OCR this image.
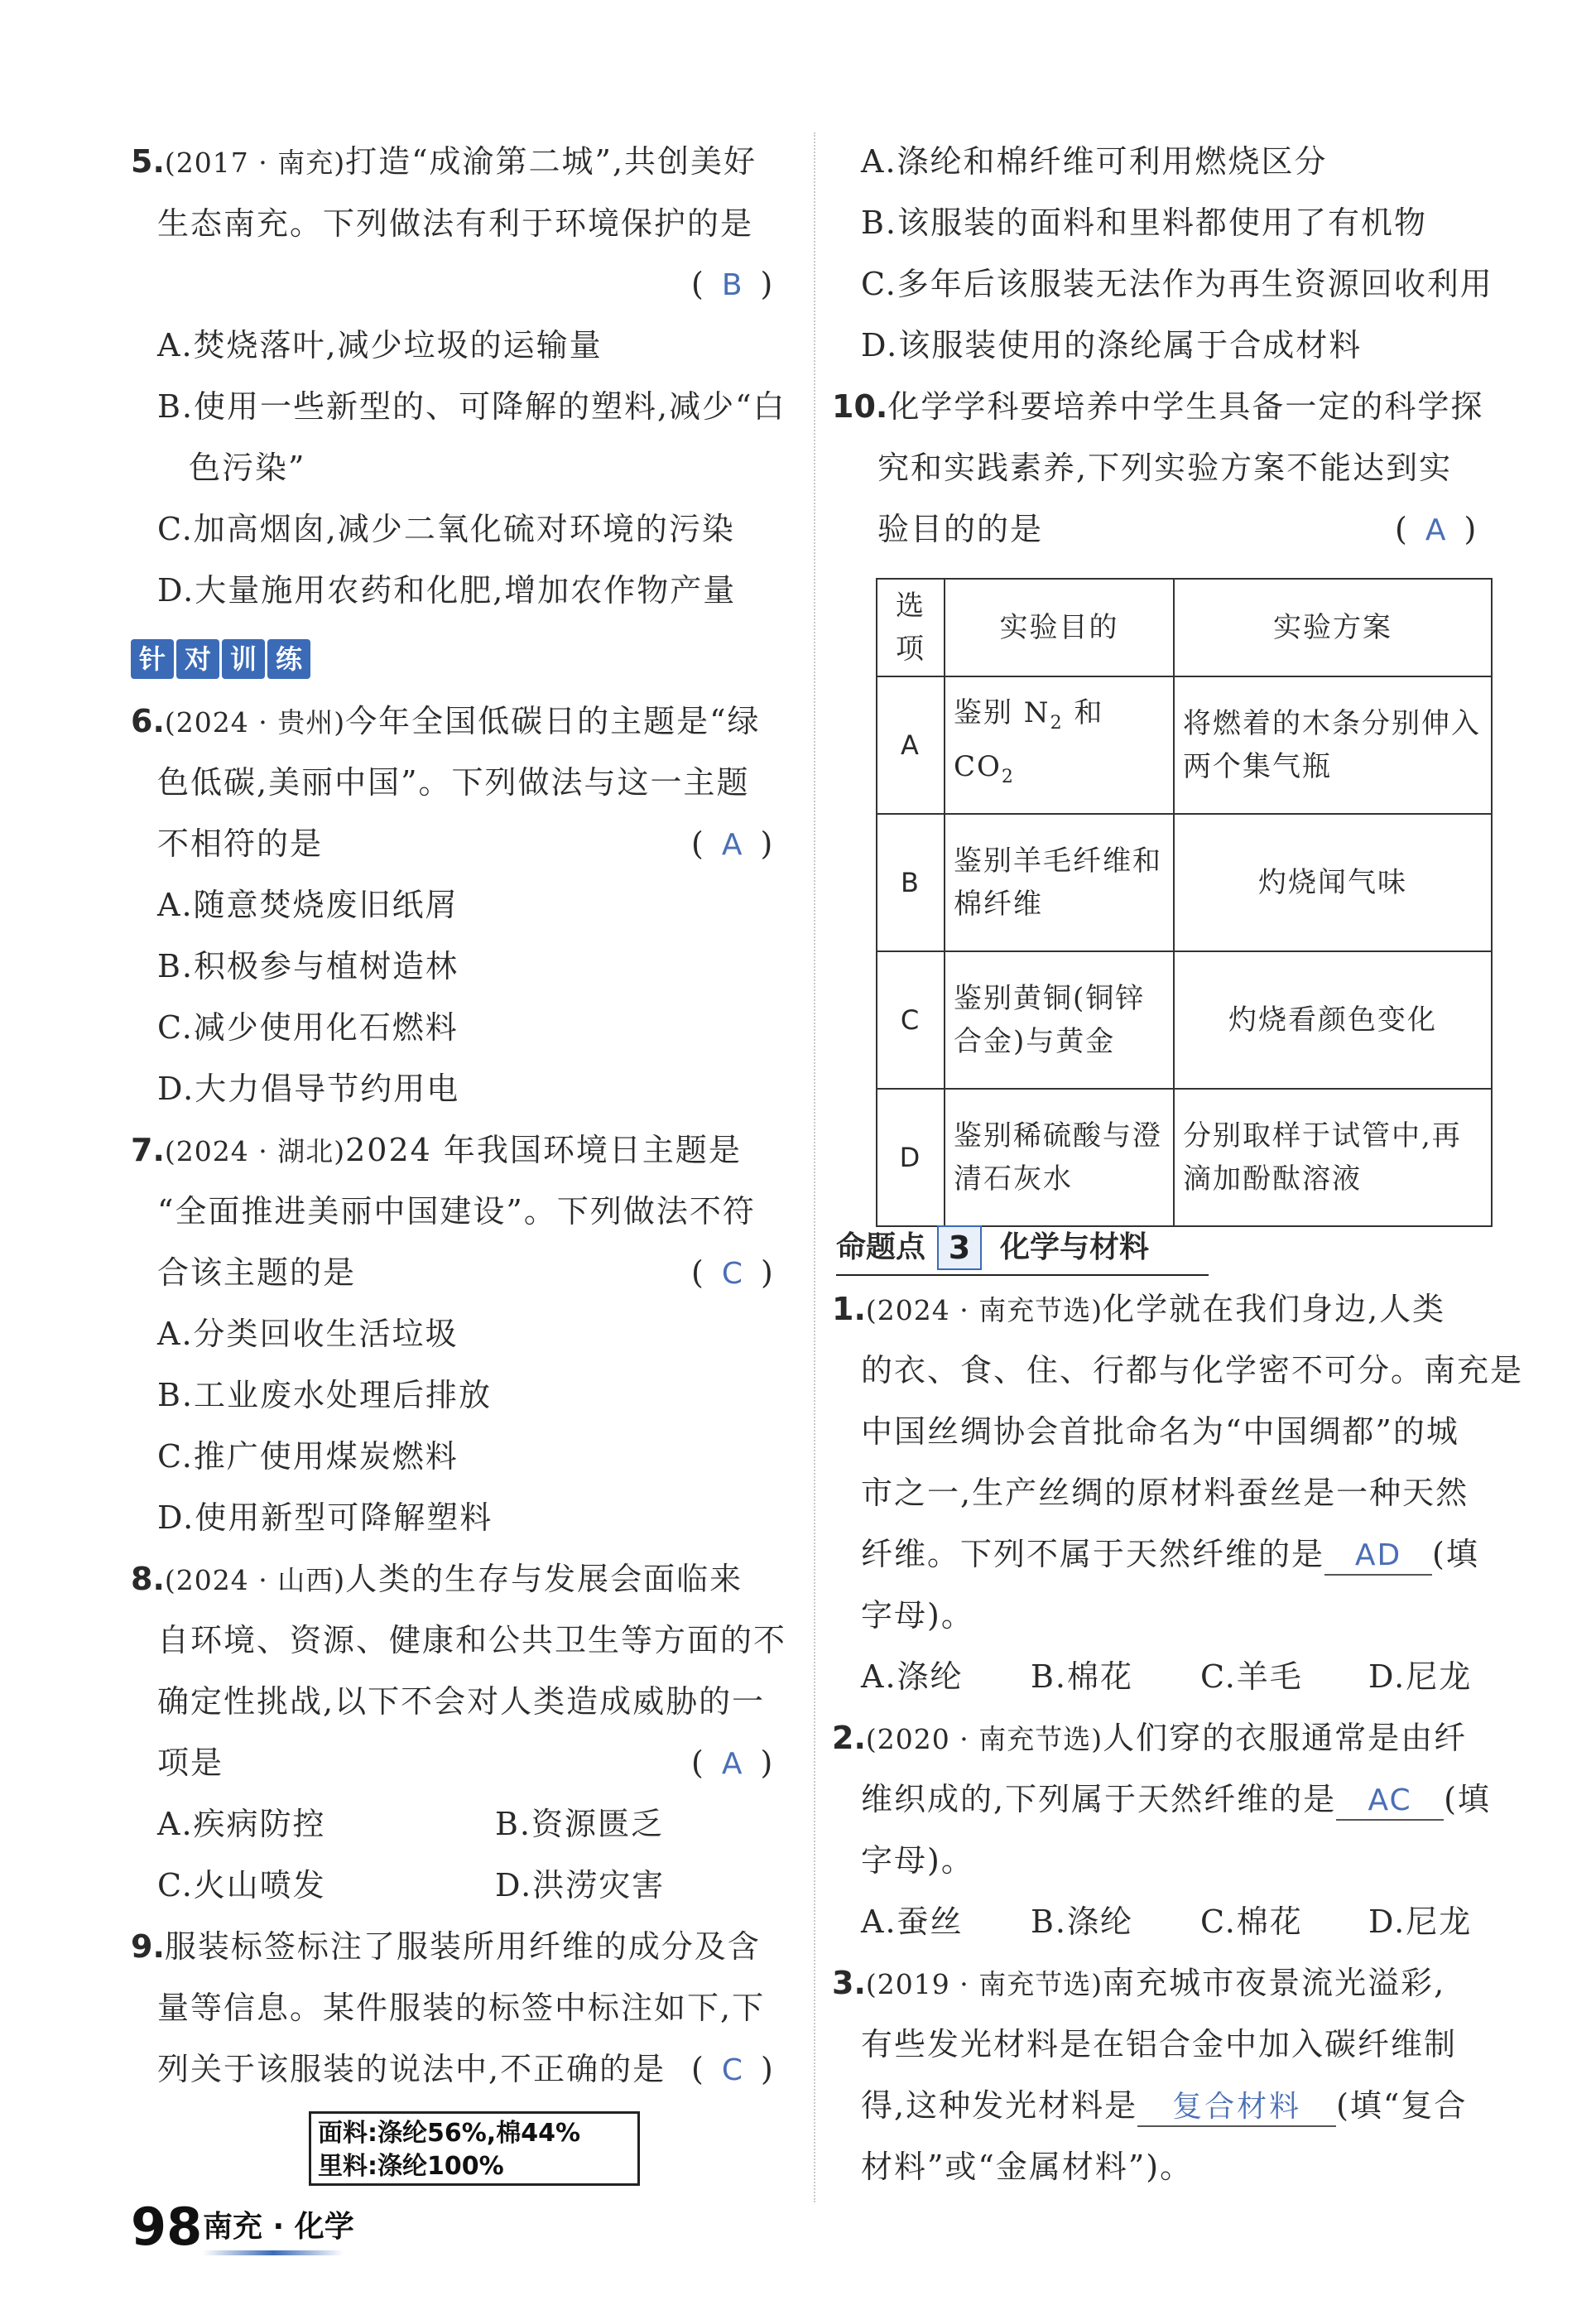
5.(2017 · 南充)打造“成渝第二城”,共创美好
生态南充。下列做法有利于环境保护的是
( B )
A.焚烧落叶,减少垃圾的运输量
B.使用一些新型的、可降解的塑料,减少“白
色污染”
C.加高烟囱,减少二氧化硫对环境的污染
D.大量施用农药和化肥,增加农作物产量
针 对 训 练
6.(2024 · 贵州)今年全国低碳日的主题是“绿
色低碳,美丽中国”。下列做法与这一主题
不相符的是	( A )
A.随意焚烧废旧纸屑
B.积极参与植树造林
C.减少使用化石燃料
D.大力倡导节约用电
7.(2024 · 湖北)2024 年我国环境日主题是
“全面推进美丽中国建设”。下列做法不符
合该主题的是	( C )
A.分类回收生活垃圾
B.工业废水处理后排放
C.推广使用煤炭燃料
D.使用新型可降解塑料
8.(2024 · 山西)人类的生存与发展会面临来
自环境、资源、健康和公共卫生等方面的不
确定性挑战,以下不会对人类造成威胁的一
项是	( A )
A.疾病防控	B.资源匮乏
C.火山喷发	D.洪涝灾害
9.服装标签标注了服装所用纤维的成分及含
量等信息。某件服装的标签中标注如下,下
列关于该服装的说法中,不正确的是 ( C )
面料:涤纶56%,棉44%
里料:涤纶100%
98 南充 · 化学
A.涤纶和棉纤维可利用燃烧区分
B.该服装的面料和里料都使用了有机物
C.多年后该服装无法作为再生资源回收利用
D.该服装使用的涤纶属于合成材料
10.化学学科要培养中学生具备一定的科学探
究和实践素养,下列实验方案不能达到实
验目的的是	( A )
选项	实验目的	实验方案
A	鉴别 $N_2$ 和 $CO_2$	将燃着的木条分别伸入两个集气瓶
B	鉴别羊毛纤维和棉纤维	灼烧闻气味
C	鉴别黄铜(铜锌合金)与黄金	灼烧看颜色变化
D	鉴别稀硫酸与澄清石灰水	分别取样于试管中,再滴加酚酞溶液
命题点 3 化学与材料
1.(2024 · 南充节选)化学就在我们身边,人类
的衣、食、住、行都与化学密不可分。南充是
中国丝绸协会首批命名为“中国绸都”的城
市之一,生产丝绸的原材料蚕丝是一种天然
纤维。下列不属于天然纤维的是 AD (填
字母)。
A.涤纶 B.棉花 C.羊毛 D.尼龙
2.(2020 · 南充节选)人们穿的衣服通常是由纤
维织成的,下列属于天然纤维的是 AC (填
字母)。
A.蚕丝 B.涤纶 C.棉花 D.尼龙
3.(2019 · 南充节选)南充城市夜景流光溢彩,
有些发光材料是在铝合金中加入碳纤维制
得,这种发光材料是 复合材料 (填“复合
材料”或“金属材料”)。
